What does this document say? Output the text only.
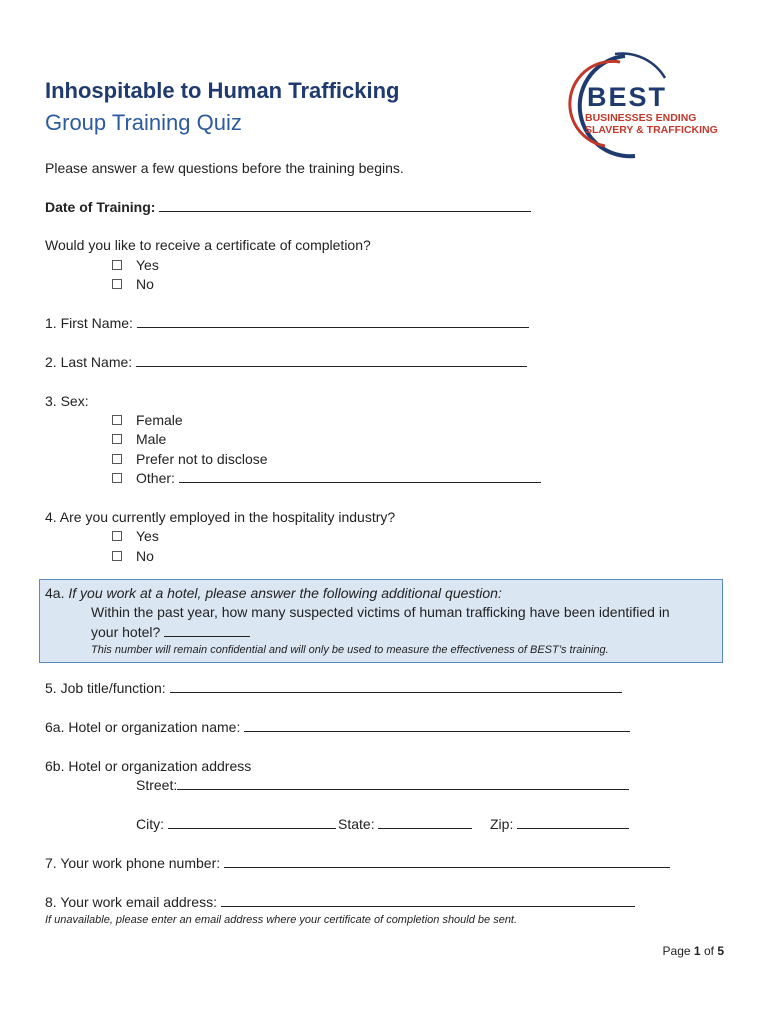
Inhospitable to Human Trafficking
Group Training Quiz
BEST
BUSINESSES ENDING
SLAVERY & TRAFFICKING
Please answer a few questions before the training begins.
Date of Training:
Would you like to receive a certificate of completion?
Yes
No
1. First Name:
2. Last Name:
3. Sex:
Female
Male
Prefer not to disclose
Other:
4. Are you currently employed in the hospitality industry?
Yes
No
4a. If you work at a hotel, please answer the following additional question:
Within the past year, how many suspected victims of human trafficking have been identified in
your hotel?
This number will remain confidential and will only be used to measure the effectiveness of BEST’s training.
5. Job title/function:
6a. Hotel or organization name:
6b. Hotel or organization address
Street:
City:	State:	Zip:
7. Your work phone number:
8. Your work email address:
If unavailable, please enter an email address where your certificate of completion should be sent.
Page 1 of 5
